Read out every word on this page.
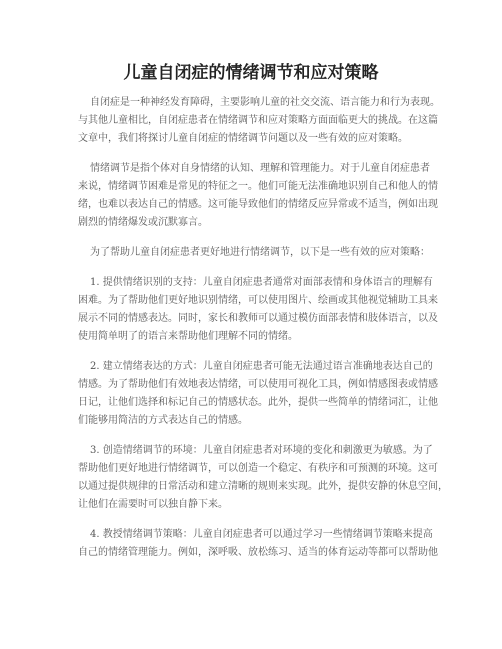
儿童自闭症的情绪调节和应对策略
自闭症是一种神经发育障碍，主要影响儿童的社交交流、语言能力和行为表现。
与其他儿童相比，自闭症患者在情绪调节和应对策略方面面临更大的挑战。在这篇
文章中，我们将探讨儿童自闭症的情绪调节问题以及一些有效的应对策略。
情绪调节是指个体对自身情绪的认知、理解和管理能力。对于儿童自闭症患者
来说，情绪调节困难是常见的特征之一。他们可能无法准确地识别自己和他人的情
绪，也难以表达自己的情感。这可能导致他们的情绪反应异常或不适当，例如出现
剧烈的情绪爆发或沉默寡言。
为了帮助儿童自闭症患者更好地进行情绪调节，以下是一些有效的应对策略：
1. 提供情绪识别的支持：儿童自闭症患者通常对面部表情和身体语言的理解有
困难。为了帮助他们更好地识别情绪，可以使用图片、绘画或其他视觉辅助工具来
展示不同的情感表达。同时，家长和教师可以通过模仿面部表情和肢体语言，以及
使用简单明了的语言来帮助他们理解不同的情绪。
2. 建立情绪表达的方式：儿童自闭症患者可能无法通过语言准确地表达自己的
情感。为了帮助他们有效地表达情绪，可以使用可视化工具，例如情感图表或情感
日记，让他们选择和标记自己的情感状态。此外，提供一些简单的情绪词汇，让他
们能够用简洁的方式表达自己的情感。
3. 创造情绪调节的环境：儿童自闭症患者对环境的变化和刺激更为敏感。为了
帮助他们更好地进行情绪调节，可以创造一个稳定、有秩序和可预测的环境。这可
以通过提供规律的日常活动和建立清晰的规则来实现。此外，提供安静的休息空间，
让他们在需要时可以独自静下来。
4. 教授情绪调节策略：儿童自闭症患者可以通过学习一些情绪调节策略来提高
自己的情绪管理能力。例如，深呼吸、放松练习、适当的体育运动等都可以帮助他
